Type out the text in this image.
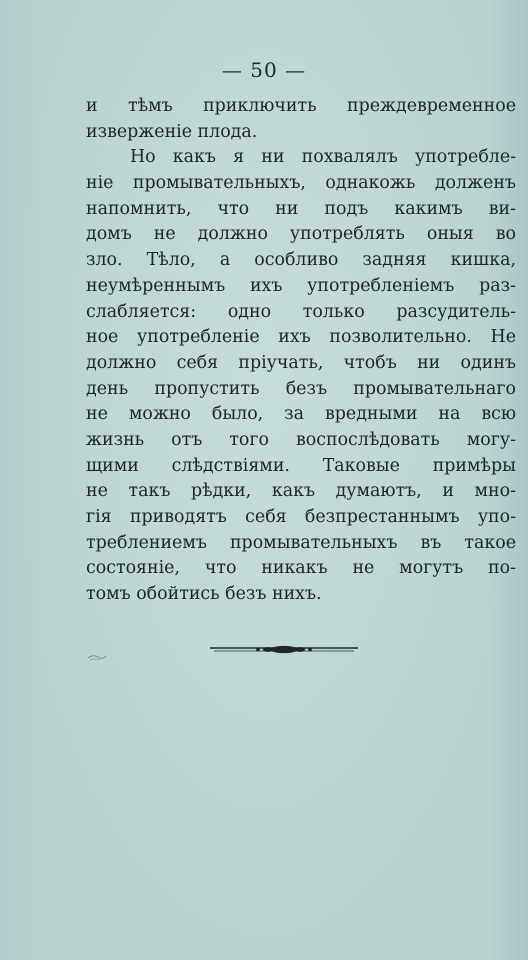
— 50 —
и тѣмъ приключить преждевременное
изверженіе плода.
Но какъ я ни похвалялъ употребле-
ніе промывательныхъ, однакожь долженъ
напомнить, что ни подъ какимъ ви-
домъ не должно употреблять оныя во
зло. Тѣло, а особливо задняя кишка,
неумѣреннымъ ихъ употребленіемъ раз-
слабляется: одно только разсудитель-
ное употребленіе ихъ позволительно. Не
должно себя пріучать, чтобъ ни одинъ
день пропустить безъ промывательнаго
не можно было, за вредными на всю
жизнь отъ того воспослѣдовать могу-
щими слѣдствіями. Таковые примѣры
не такъ рѣдки, какъ думаютъ, и мно-
гія приводятъ себя безпрестаннымъ упо-
треблениемъ промывательныхъ въ такое
состояніе, что никакъ не могутъ по-
томъ обойтись безъ нихъ.
